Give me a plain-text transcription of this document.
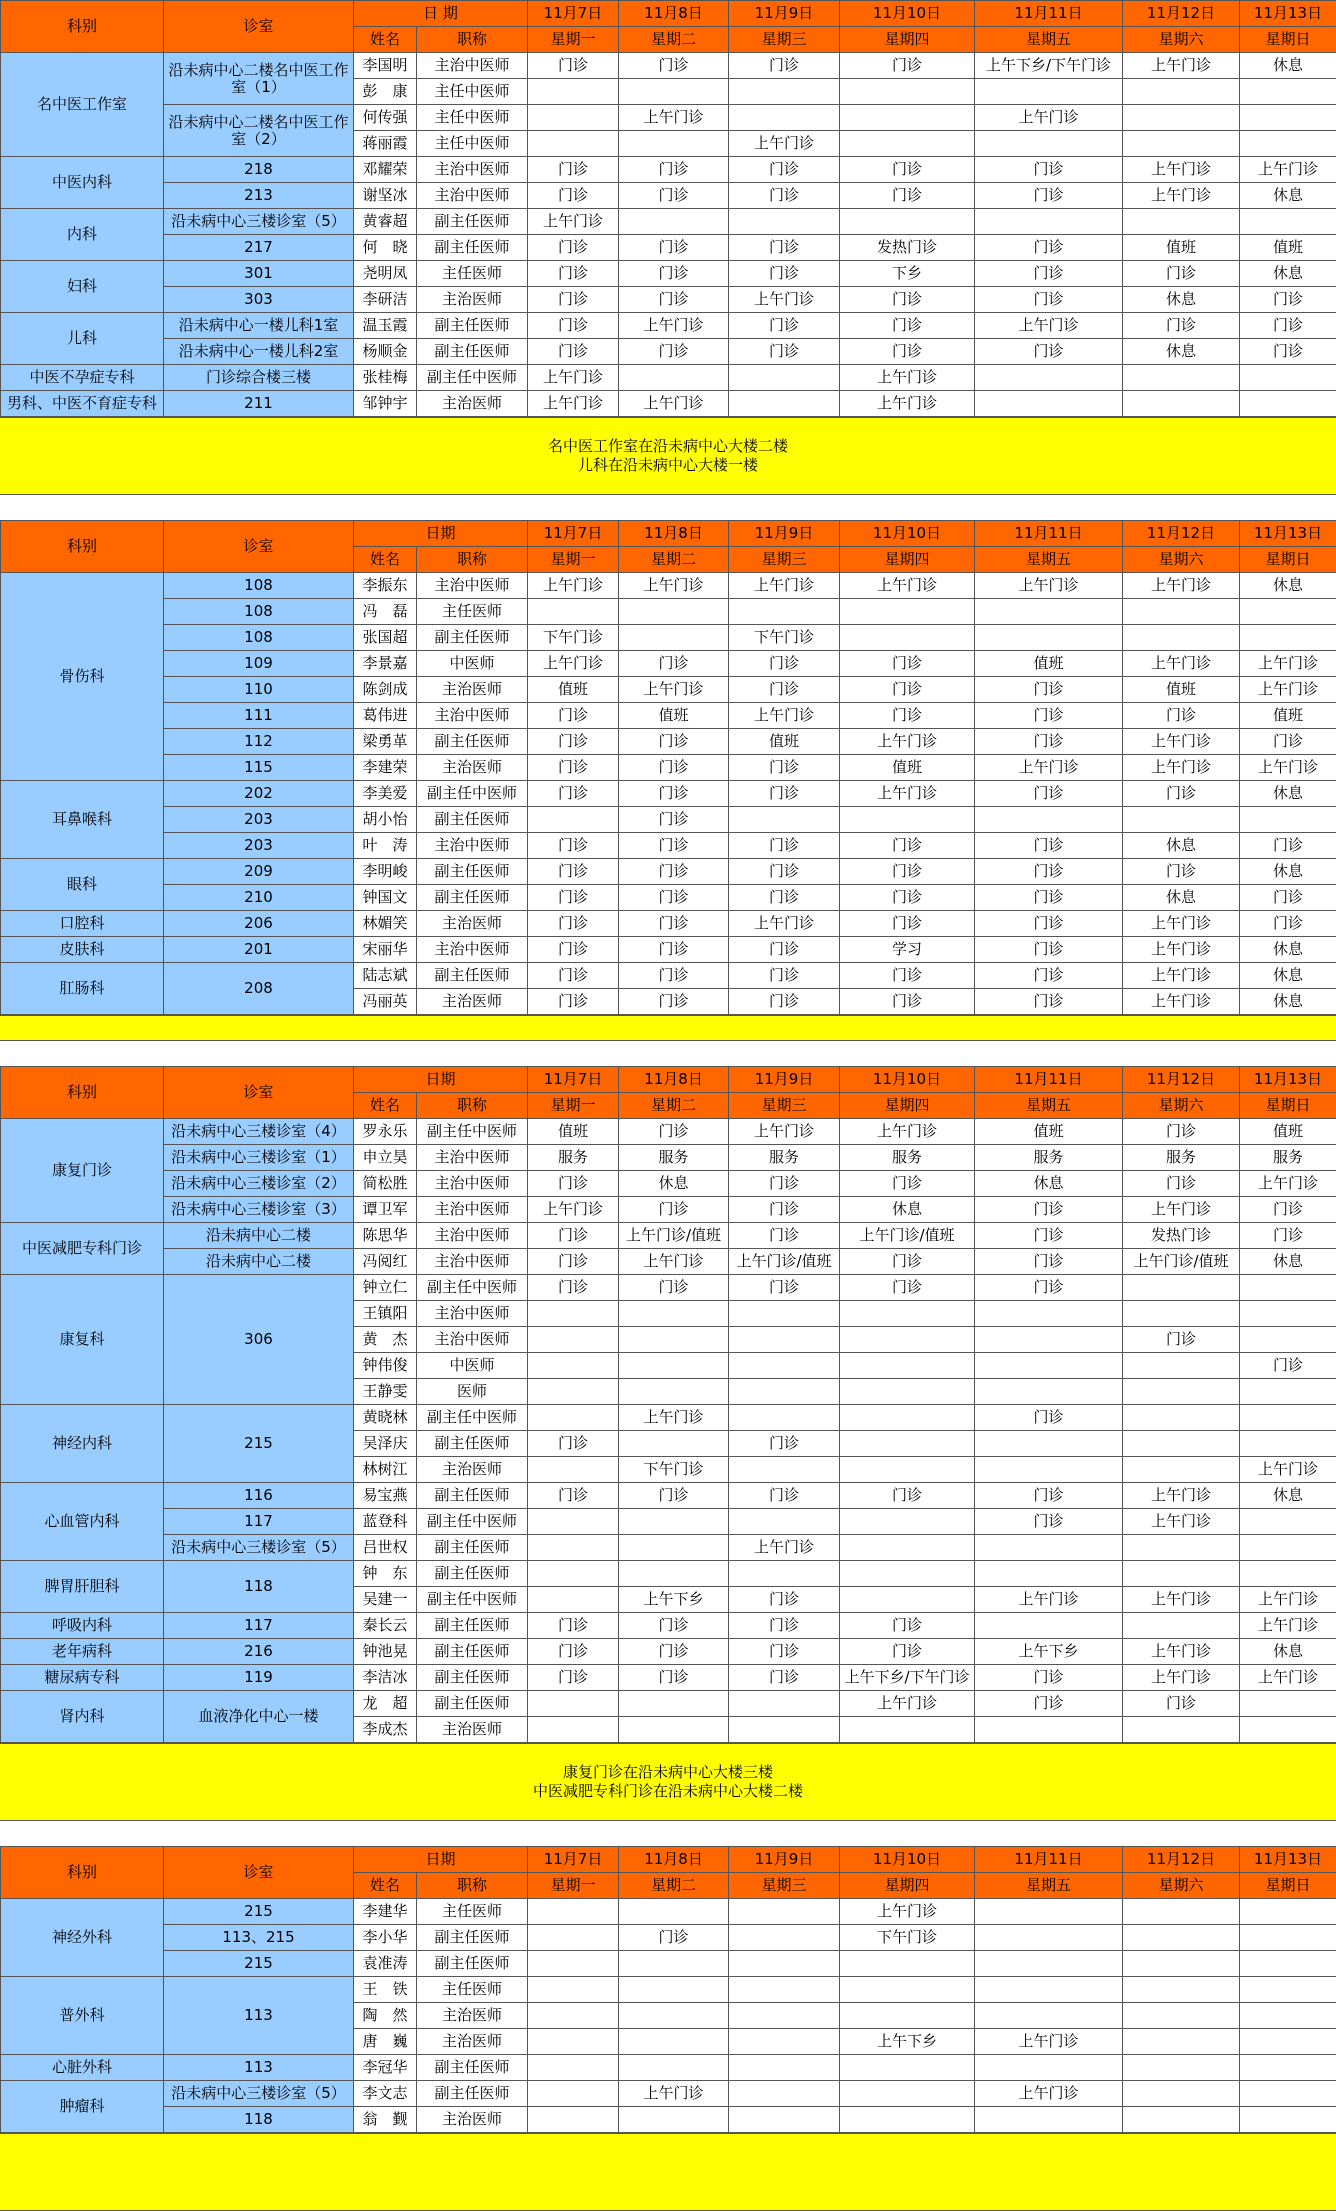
科别	诊室	日 期		11月7日	11月8日	11月9日	11月10日	11月11日	11月12日	11月13日
		姓名	职称	星期一	星期二	星期三	星期四	星期五	星期六	星期日
名中医工作室	沿未病中心二楼名中医工作室（1）	李国明	主治中医师	门诊	门诊	门诊	门诊	上午下乡/下午门诊	上午门诊	休息
		彭　康	主任中医师							
	沿未病中心二楼名中医工作室（2）	何传强	主任中医师		上午门诊			上午门诊		
		蒋丽霞	主任中医师			上午门诊				
中医内科	218	邓耀荣	主治中医师	门诊	门诊	门诊	门诊	门诊	上午门诊	上午门诊
	213	谢坚冰	主治中医师	门诊	门诊	门诊	门诊	门诊	上午门诊	休息
内科	沿未病中心三楼诊室（5）	黄睿超	副主任医师	上午门诊						
	217	何　晓	副主任医师	门诊	门诊	门诊	发热门诊	门诊	值班	值班
妇科	301	尧明凤	主任医师	门诊	门诊	门诊	下乡	门诊	门诊	休息
	303	李研洁	主治医师	门诊	门诊	上午门诊	门诊	门诊	休息	门诊
儿科	沿未病中心一楼儿科1室	温玉霞	副主任医师	门诊	上午门诊	门诊	门诊	上午门诊	门诊	门诊
	沿未病中心一楼儿科2室	杨顺金	副主任医师	门诊	门诊	门诊	门诊	门诊	休息	门诊
中医不孕症专科	门诊综合楼三楼	张桂梅	副主任中医师	上午门诊			上午门诊			
男科、中医不育症专科	211	邹钟宇	主治医师	上午门诊	上午门诊		上午门诊			
名中医工作室在沿未病中心大楼二楼
儿科在沿未病中心大楼一楼
科别	诊室	日期		11月7日	11月8日	11月9日	11月10日	11月11日	11月12日	11月13日
		姓名	职称	星期一	星期二	星期三	星期四	星期五	星期六	星期日
骨伤科	108	李振东	主治中医师	上午门诊	上午门诊	上午门诊	上午门诊	上午门诊	上午门诊	休息
	108	冯　磊	主任医师							
	108	张国超	副主任医师	下午门诊		下午门诊				
	109	李景嘉	中医师	上午门诊	门诊	门诊	门诊	值班	上午门诊	上午门诊
	110	陈剑成	主治医师	值班	上午门诊	门诊	门诊	门诊	值班	上午门诊
	111	葛伟进	主治中医师	门诊	值班	上午门诊	门诊	门诊	门诊	值班
	112	梁勇革	副主任医师	门诊	门诊	值班	上午门诊	门诊	上午门诊	门诊
	115	李建荣	主治医师	门诊	门诊	门诊	值班	上午门诊	上午门诊	上午门诊
耳鼻喉科	202	李美爱	副主任中医师	门诊	门诊	门诊	上午门诊	门诊	门诊	休息
	203	胡小怡	副主任医师		门诊					
	203	叶　涛	主治中医师	门诊	门诊	门诊	门诊	门诊	休息	门诊
眼科	209	李明峻	副主任医师	门诊	门诊	门诊	门诊	门诊	门诊	休息
	210	钟国文	副主任医师	门诊	门诊	门诊	门诊	门诊	休息	门诊
口腔科	206	林媚笑	主治医师	门诊	门诊	上午门诊	门诊	门诊	上午门诊	门诊
皮肤科	201	宋丽华	主治中医师	门诊	门诊	门诊	学习	门诊	上午门诊	休息
肛肠科	208	陆志斌	副主任医师	门诊	门诊	门诊	门诊	门诊	上午门诊	休息
		冯丽英	主治医师	门诊	门诊	门诊	门诊	门诊	上午门诊	休息
科别	诊室	日期		11月7日	11月8日	11月9日	11月10日	11月11日	11月12日	11月13日
		姓名	职称	星期一	星期二	星期三	星期四	星期五	星期六	星期日
康复门诊	沿未病中心三楼诊室（4）	罗永乐	副主任中医师	值班	门诊	上午门诊	上午门诊	值班	门诊	值班
	沿未病中心三楼诊室（1）	申立昊	主治中医师	服务	服务	服务	服务	服务	服务	服务
	沿未病中心三楼诊室（2）	简松胜	主治中医师	门诊	休息	门诊	门诊	休息	门诊	上午门诊
	沿未病中心三楼诊室（3）	谭卫军	主治中医师	上午门诊	门诊	门诊	休息	门诊	上午门诊	门诊
中医减肥专科门诊	沿未病中心二楼	陈思华	主治中医师	门诊	上午门诊/值班	门诊	上午门诊/值班	门诊	发热门诊	门诊
	沿未病中心二楼	冯阅红	主治中医师	门诊	上午门诊	上午门诊/值班	门诊	门诊	上午门诊/值班	休息
康复科	306	钟立仁	副主任中医师	门诊	门诊	门诊	门诊	门诊		
		王镇阳	主治中医师							
		黄　杰	主治中医师						门诊	
		钟伟俊	中医师							门诊
		王静雯	医师							
神经内科	215	黄晓林	副主任中医师		上午门诊			门诊		
		吴泽庆	副主任医师	门诊		门诊				
		林树江	主治医师		下午门诊					上午门诊
心血管内科	116	易宝燕	副主任医师	门诊	门诊	门诊	门诊	门诊	上午门诊	休息
	117	蓝登科	副主任中医师					门诊	上午门诊	
	沿未病中心三楼诊室（5）	吕世权	副主任医师			上午门诊				
脾胃肝胆科	118	钟　东	副主任医师							
		吴建一	副主任中医师		上午下乡	门诊		上午门诊	上午门诊	上午门诊
呼吸内科	117	秦长云	副主任医师	门诊	门诊	门诊	门诊			上午门诊
老年病科	216	钟池晃	副主任医师	门诊	门诊	门诊	门诊	上午下乡	上午门诊	休息
糖尿病专科	119	李洁冰	副主任医师	门诊	门诊	门诊	上午下乡/下午门诊	门诊	上午门诊	上午门诊
肾内科	血液净化中心一楼	龙　超	副主任医师				上午门诊	门诊	门诊	
		李成杰	主治医师							
康复门诊在沿未病中心大楼三楼
中医减肥专科门诊在沿未病中心大楼二楼
科别	诊室	日期		11月7日	11月8日	11月9日	11月10日	11月11日	11月12日	11月13日
		姓名	职称	星期一	星期二	星期三	星期四	星期五	星期六	星期日
神经外科	215	李建华	主任医师				上午门诊			
	113、215	李小华	副主任医师		门诊		下午门诊			
	215	袁准涛	副主任医师							
普外科	113	王　铁	主任医师							
		陶　然	主治医师							
		唐　巍	主治医师				上午下乡	上午门诊		
心脏外科	113	李冠华	副主任医师							
肿瘤科	沿未病中心三楼诊室（5）	李文志	副主任医师		上午门诊			上午门诊		
	118	翁　觐	主治医师							
